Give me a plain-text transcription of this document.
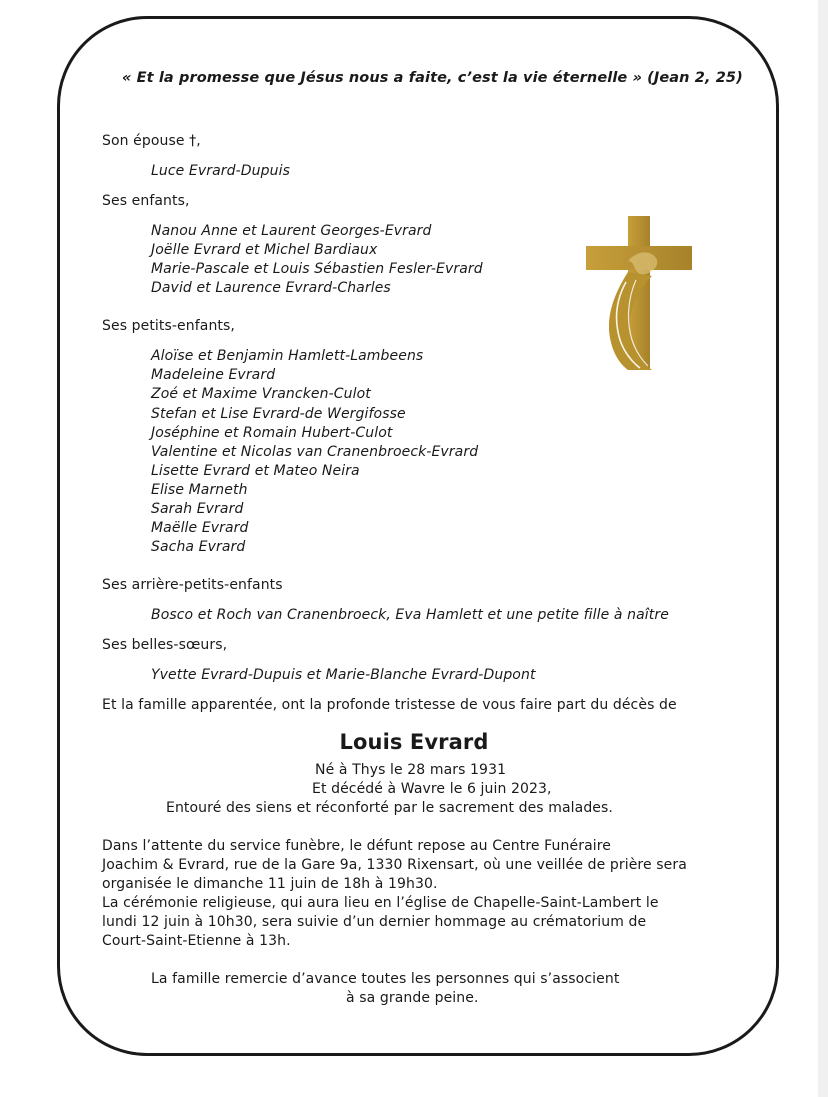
« Et la promesse que Jésus nous a faite, c’est la vie éternelle » (Jean 2, 25)
Son épouse †,
Luce Evrard-Dupuis
Ses enfants,
Nanou Anne et Laurent Georges-Evrard
Joëlle Evrard et Michel Bardiaux
Marie-Pascale et Louis Sébastien Fesler-Evrard
David et Laurence Evrard-Charles
Ses petits-enfants,
Aloïse et Benjamin Hamlett-Lambeens
Madeleine Evrard
Zoé et Maxime Vrancken-Culot
Stefan et Lise Evrard-de Wergifosse
Joséphine et Romain Hubert-Culot
Valentine et Nicolas van Cranenbroeck-Evrard
Lisette Evrard et Mateo Neira
Elise Marneth
Sarah Evrard
Maëlle Evrard
Sacha Evrard
Ses arrière-petits-enfants
Bosco et Roch van Cranenbroeck, Eva Hamlett et une petite fille à naître
Ses belles-sœurs,
Yvette Evrard-Dupuis et Marie-Blanche Evrard-Dupont
Et la famille apparentée, ont la profonde tristesse de vous faire part du décès de
Louis Evrard
Né à Thys le 28 mars 1931
Et décédé à Wavre le 6 juin 2023,
Entouré des siens et réconforté par le sacrement des malades.
Dans l’attente du service funèbre, le défunt repose au Centre Funéraire
Joachim & Evrard, rue de la Gare 9a, 1330 Rixensart, où une veillée de prière sera
organisée le dimanche 11 juin de 18h à 19h30.
La cérémonie religieuse, qui aura lieu en l’église de Chapelle-Saint-Lambert le
lundi 12 juin à 10h30, sera suivie d’un dernier hommage au crématorium de
Court-Saint-Etienne à 13h.
La famille remercie d’avance toutes les personnes qui s’associent
à sa grande peine.
